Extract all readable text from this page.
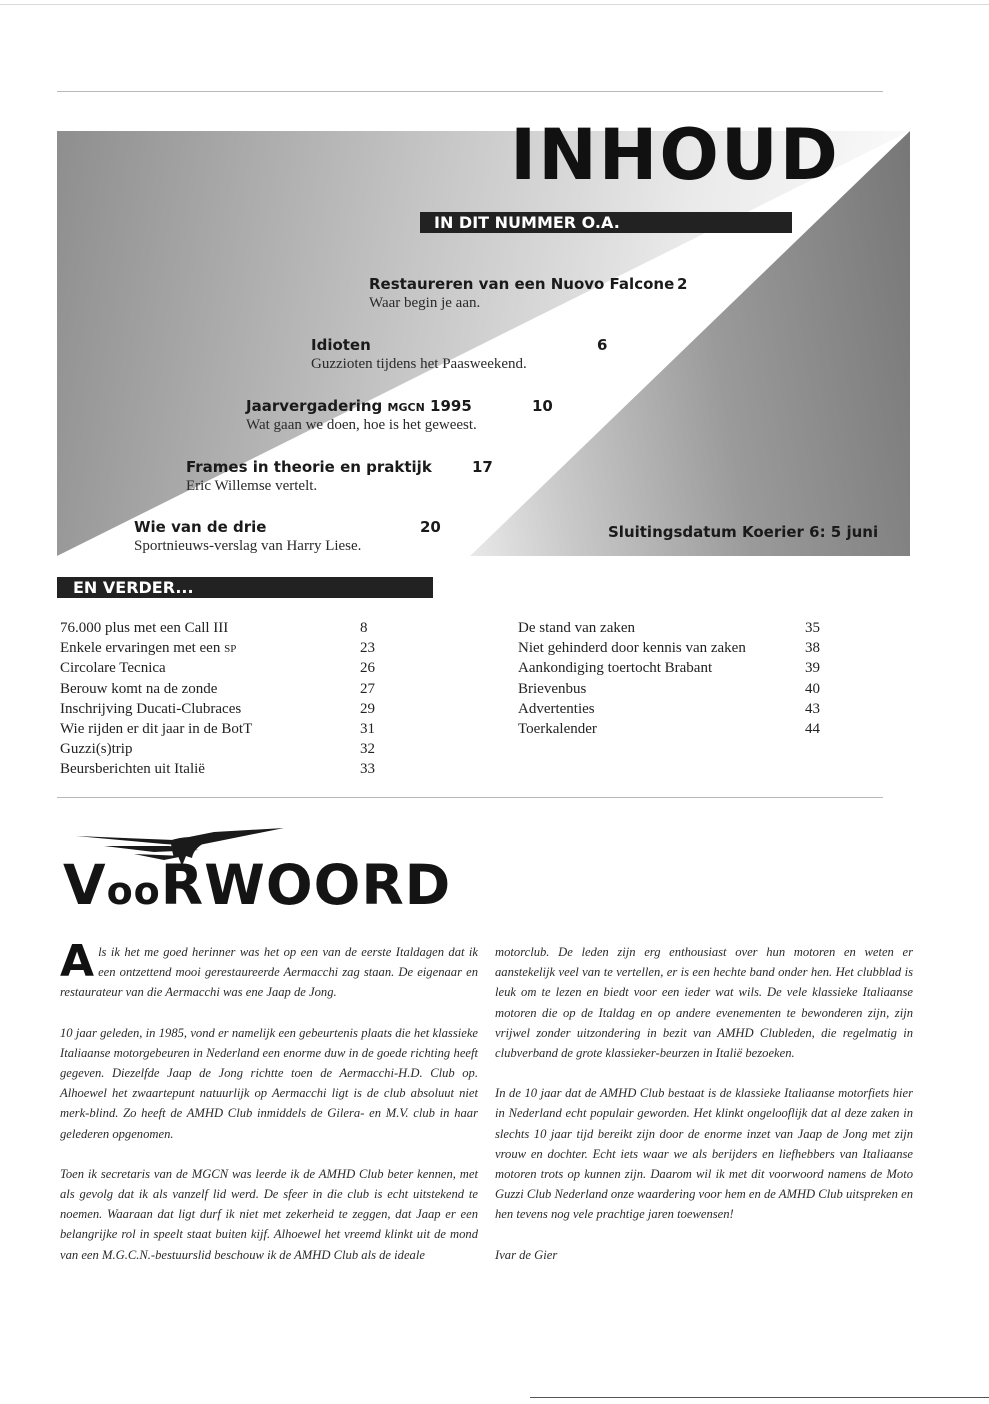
INHOUD
IN DIT NUMMER O.A.
Restaureren van een Nuovo Falcone
Waar begin je aan.
2
Idioten
Guzzioten tijdens het Paasweekend.
6
Jaarvergadering MGCN 1995
Wat gaan we doen, hoe is het geweest.
10
Frames in theorie en praktijk
Eric Willemse vertelt.
17
Wie van de drie
Sportnieuws-verslag van Harry Liese.
20	Sluitingsdatum Koerier 6: 5 juni
EN VERDER...
76.000 plus met een Call III	8
Enkele ervaringen met een SP	23
Circolare Tecnica	26
Berouw komt na de zonde	27
Inschrijving Ducati-Clubraces	29
Wie rijden er dit jaar in de BotT	31
Guzzi(s)trip	32
Beursberichten uit Italië	33
De stand van zaken	35
Niet gehinderd door kennis van zaken	38
Aankondiging toertocht Brabant	39
Brievenbus	40
Advertenties	43
Toerkalender	44
VooRWOORD

Als ik het me goed herinner was het op een van de eerste Italdagen dat ik een ontzettend mooi gerestaureerde Aermacchi zag staan. De eigenaar en restaurateur van die Aermacchi was ene Jaap de Jong.

10 jaar geleden, in 1985, vond er namelijk een gebeurtenis plaats die het klassieke Italiaanse motorgebeuren in Nederland een enorme duw in de goede richting heeft gegeven. Diezelfde Jaap de Jong richtte toen de Aermacchi-H.D. Club op. Alhoewel het zwaartepunt natuurlijk op Aermacchi ligt is de club absoluut niet merk-blind. Zo heeft de AMHD Club inmiddels de Gilera- en M.V. club in haar gelederen opgenomen.

Toen ik secretaris van de MGCN was leerde ik de AMHD Club beter kennen, met als gevolg dat ik als vanzelf lid werd. De sfeer in die club is echt uitstekend te noemen. Waaraan dat ligt durf ik niet met zekerheid te zeggen, dat Jaap er een belangrijke rol in speelt staat buiten kijf. Alhoewel het vreemd klinkt uit de mond van een M.G.C.N.-bestuurslid beschouw ik de AMHD Club als de ideale

motorclub. De leden zijn erg enthousiast over hun motoren en weten er aanstekelijk veel van te vertellen, er is een hechte band onder hen. Het clubblad is leuk om te lezen en biedt voor een ieder wat wils. De vele klassieke Italiaanse motoren die op de Italdag en op andere evenementen te bewonderen zijn, zijn vrijwel zonder uitzondering in bezit van AMHD Clubleden, die regelmatig in clubverband de grote klassieker-beurzen in Italië bezoeken.

In de 10 jaar dat de AMHD Club bestaat is de klassieke Italiaanse motorfiets hier in Nederland echt populair geworden. Het klinkt ongelooflijk dat al deze zaken in slechts 10 jaar tijd bereikt zijn door de enorme inzet van Jaap de Jong met zijn vrouw en dochter. Echt iets waar we als berijders en liefhebbers van Italiaanse motoren trots op kunnen zijn. Daarom wil ik met dit voorwoord namens de Moto Guzzi Club Nederland onze waardering voor hem en de AMHD Club uitspreken en hen tevens nog vele prachtige jaren toewensen!

Ivar de Gier
